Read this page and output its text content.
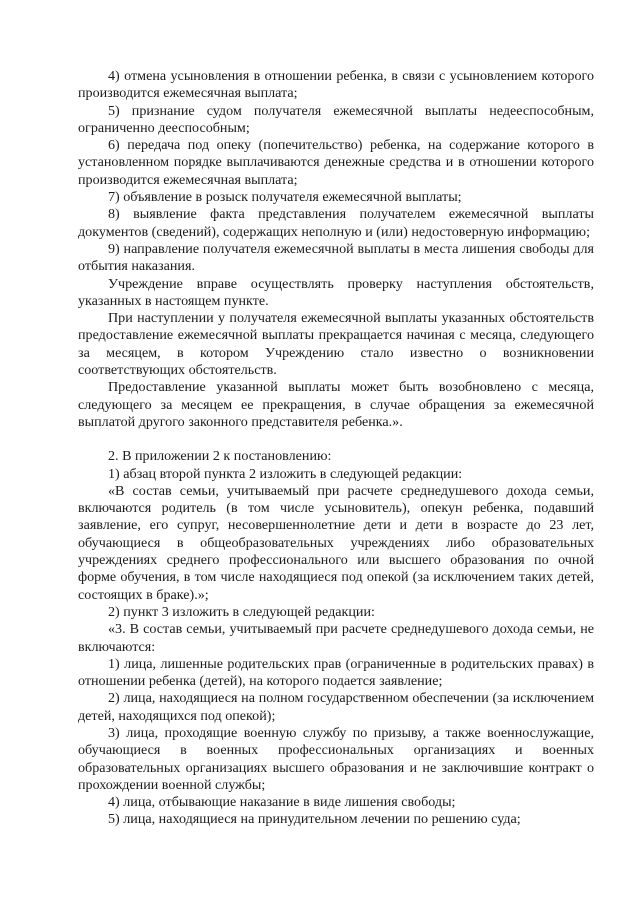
4) отмена усыновления в отношении ребенка, в связи с усыновлением которого производится ежемесячная выплата;

5) признание судом получателя ежемесячной выплаты недееспособным, ограниченно дееспособным;

6) передача под опеку (попечительство) ребенка, на содержание которого в установленном порядке выплачиваются денежные средства и в отношении которого производится ежемесячная выплата;

7) объявление в розыск получателя ежемесячной выплаты;

8) выявление факта представления получателем ежемесячной выплаты документов (сведений), содержащих неполную и (или) недостоверную информацию;

9) направление получателя ежемесячной выплаты в места лишения свободы для отбытия наказания.

Учреждение вправе осуществлять проверку наступления обстоятельств, указанных в настоящем пункте.

При наступлении у получателя ежемесячной выплаты указанных обстоятельств предоставление ежемесячной выплаты прекращается начиная с месяца, следующего за месяцем, в котором Учреждению стало известно о возникновении соответствующих обстоятельств.

Предоставление указанной выплаты может быть возобновлено с месяца, следующего за месяцем ее прекращения, в случае обращения за ежемесячной выплатой другого законного представителя ребенка.».

2. В приложении 2 к постановлению:

1) абзац второй пункта 2 изложить в следующей редакции:

«В состав семьи, учитываемый при расчете среднедушевого дохода семьи, включаются родитель (в том числе усыновитель), опекун ребенка, подавший заявление, его супруг, несовершеннолетние дети и дети в возрасте до 23 лет, обучающиеся в общеобразовательных учреждениях либо образовательных учреждениях среднего профессионального или высшего образования по очной форме обучения, в том числе находящиеся под опекой (за исключением таких детей, состоящих в браке).»;

2) пункт 3 изложить в следующей редакции:

«3. В состав семьи, учитываемый при расчете среднедушевого дохода семьи, не включаются:

1) лица, лишенные родительских прав (ограниченные в родительских правах) в отношении ребенка (детей), на которого подается заявление;

2) лица, находящиеся на полном государственном обеспечении (за исключением детей, находящихся под опекой);

3) лица, проходящие военную службу по призыву, а также военнослужащие, обучающиеся в военных профессиональных организациях и военных образовательных организациях высшего образования и не заключившие контракт о прохождении военной службы;

4) лица, отбывающие наказание в виде лишения свободы;

5) лица, находящиеся на принудительном лечении по решению суда;
